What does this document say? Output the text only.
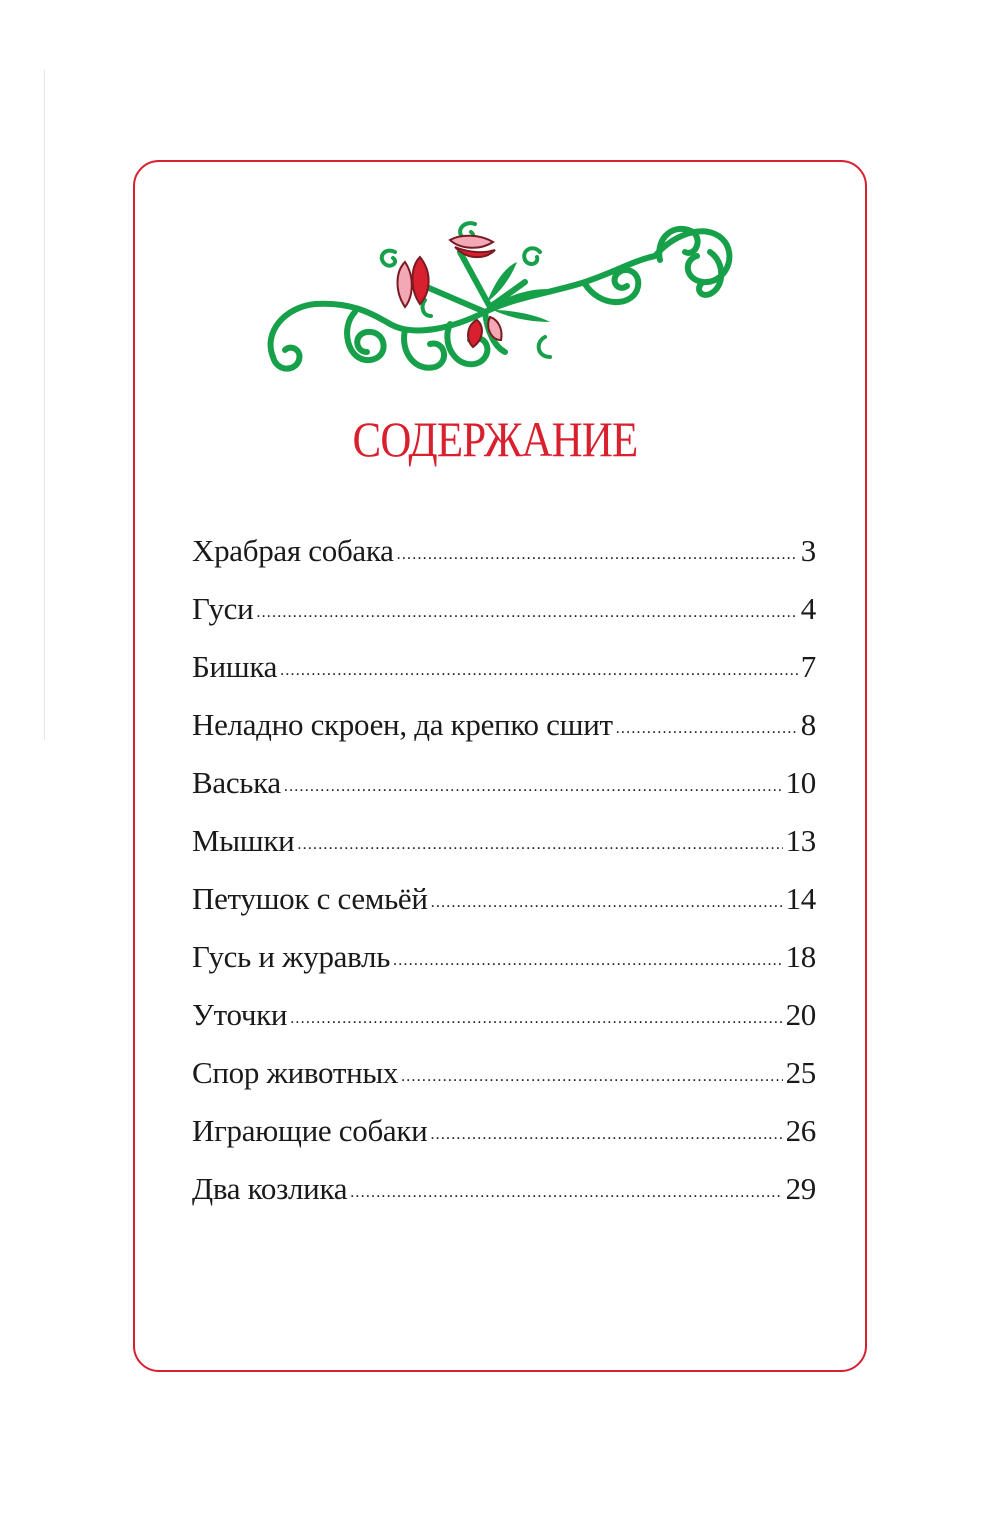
СОДЕРЖАНИЕ
Храбрая собака .....	3
Гуси .....	4
Бишка .....	7
Неладно скроен, да крепко сшит .....	8
Васька .....	10
Мышки .....	13
Петушок с семьёй .....	14
Гусь и журавль .....	18
Уточки .....	20
Спор животных .....	25
Играющие собаки .....	26
Два козлика .....	29
